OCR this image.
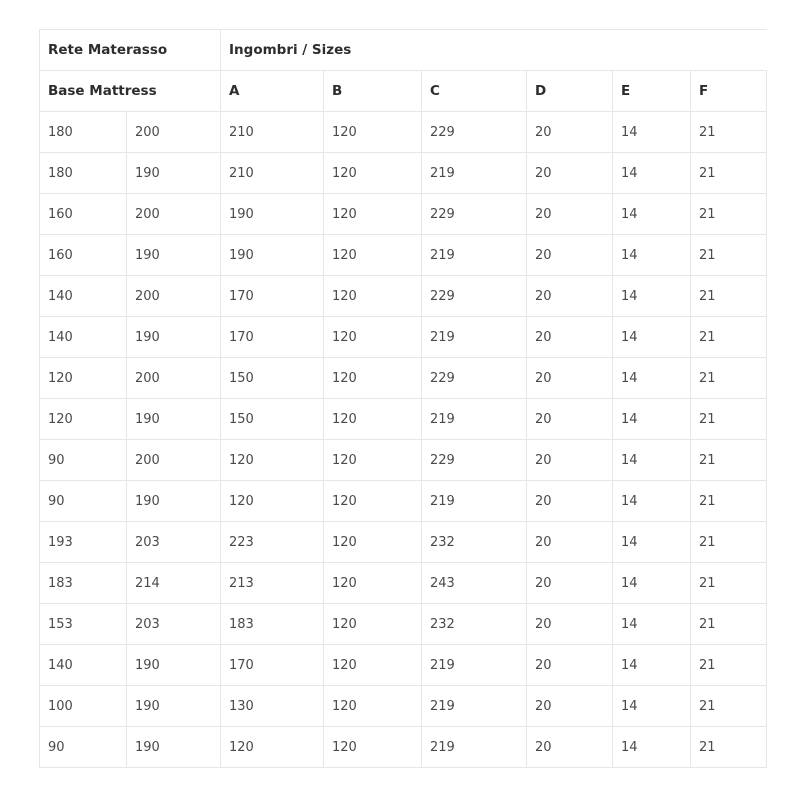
Rete Materasso		Ingombri / Sizes					
Base Mattress		A	B	C	D	E	F
180	200	210	120	229	20	14	21
180	190	210	120	219	20	14	21
160	200	190	120	229	20	14	21
160	190	190	120	219	20	14	21
140	200	170	120	229	20	14	21
140	190	170	120	219	20	14	21
120	200	150	120	229	20	14	21
120	190	150	120	219	20	14	21
90	200	120	120	229	20	14	21
90	190	120	120	219	20	14	21
193	203	223	120	232	20	14	21
183	214	213	120	243	20	14	21
153	203	183	120	232	20	14	21
140	190	170	120	219	20	14	21
100	190	130	120	219	20	14	21
90	190	120	120	219	20	14	21
